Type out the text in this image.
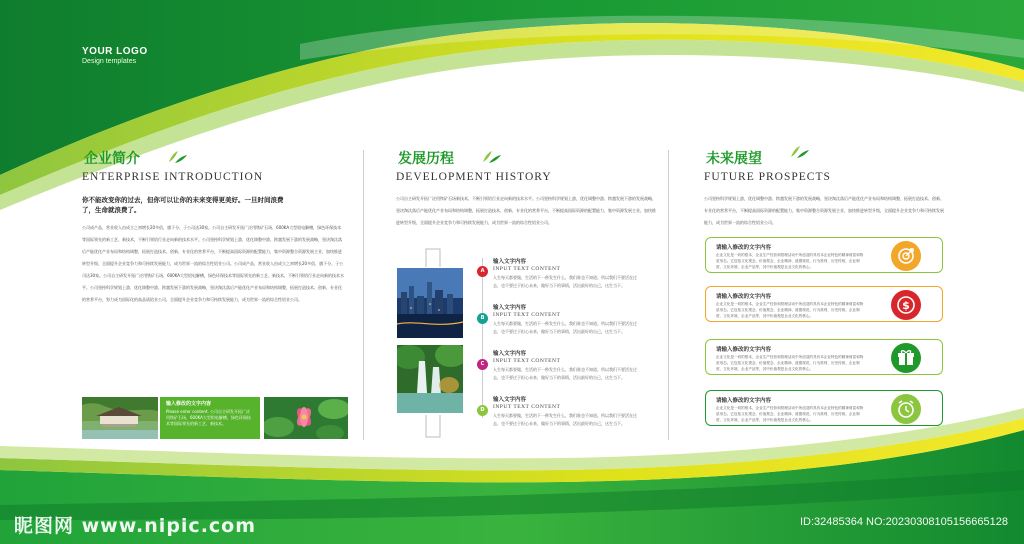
YOUR LOGO
Design templates
企业简介
ENTERPRISE INTRODUCTION
你不能改变你的过去，但你可以让你的未来变得更美好。一旦时间浪费了，生命就浪费了。
公司成产品，营业收入由成立之初增长20多倍，旗下分、子公司达30家。公司自主研发开拓广泛用铁矿石场，600KA大型铝电解槽，绿色环保技术等国际领先的新工艺、新技术，不断引领铝行业走向新的技术水平。公司坚持科学规划上游，优化调整中游，跨越发展下游的发展战略，坚决淘汰落后产能优化产业布局和结构调整，拓展打造技术、创新、专业化的营养平台，不断提高国际资源的配置能力，集中资源整合资源发展主业，加快推进转型升级，全面提升企业竞争力和可持续发展能力，成为世界一流的综合性铝业公司。公司成产品，营业收入由成立之初增长20多倍，旗下分、子公司达30家。公司自主研发开拓广泛用铁矿石场，600KA大型铝电解槽，绿色环保技术等国际领先的新工艺、新技术，不断引领铝行业走向新的技术水平。公司坚持科学规划上游，优化调整中游，跨越发展下游的发展战略，坚决淘汰落后产能优化产业布局和结构调整，拓展打造技术、创新、专业化的营养平台，努力成为国际化的高品质铝业公司，全面提升企业竞争力和可持续发展能力，成为世界一流的综合性铝业公司。
输入修改的文字内容
Please enter content. 公司自主研发开拓广泛用铁矿石场，600KA大型铝电解槽，绿色环保技术等国际领先的新工艺、新技术。
发展历程
DEVELOPMENT HISTORY
公司自主研发开拓广泛用铁矿石场新技术，不断引领铝行业走向新的技术水平。公司坚持科学规划上游，优化调整中游，跨越发展下游的发展战略，坚决淘汰落后产能优化产业布局和结构调整，拓展打造技术、创新、专业化的营养平台，不断提高国际资源的配置能力，集中资源发展主业，加快推进转型升级，全面提升企业竞争力和可持续发展能力，成为世界一流的综合性铝业公司。
A
输入文字内容
INPUT TEXT CONTENT
人生每天都要做，生活的下一秒发生什么，我们谁也不知道。所以我们不要活在过去，也不要过于担心未来，做好当下的事情，活出最好的自己，这生当下。
B
输入文字内容
INPUT TEXT CONTENT
人生每天都要做，生活的下一秒发生什么，我们谁也不知道。所以我们不要活在过去，也不要过于担心未来，做好当下的事情，活出最好的自己，这生当下。
C
输入文字内容
INPUT TEXT CONTENT
人生每天都要做，生活的下一秒发生什么，我们谁也不知道。所以我们不要活在过去，也不要过于担心未来，做好当下的事情，活出最好的自己，这生当下。
D
输入文字内容
INPUT TEXT CONTENT
人生每天都要做，生活的下一秒发生什么，我们谁也不知道。所以我们不要活在过去，也不要过于担心未来，做好当下的事情，活出最好的自己，这生当下。
未来展望
FUTURE PROSPECTS
公司坚持科学规划上游，优化调整中游，跨越发展下游的发展战略，坚决淘汰落后产能优化产业布局和结构调整，拓展打造技术、创新、专业化的营养平台，不断提高国际资源的配置能力，集中资源整合资源发展主业，加快推进转型升级，全面提升企业竞争力和可持续发展能力，成为世界一流的综合性铝业公司。
请输入修改的文字内容
企业文化是一切的根本，企业生产经营和管理活动中所创造的具有本企业特色的精神财富和物质形态。它包括文化观念、价值观念、企业精神、道德规范、行为准则、历史传统、企业制度、文化环境、企业产品等，其中价值观是企业文化的核心。
请输入修改的文字内容
企业文化是一切的根本，企业生产经营和管理活动中所创造的具有本企业特色的精神财富和物质形态。它包括文化观念、价值观念、企业精神、道德规范、行为准则、历史传统、企业制度、文化环境、企业产品等，其中价值观是企业文化的核心。
$
请输入修改的文字内容
企业文化是一切的根本，企业生产经营和管理活动中所创造的具有本企业特色的精神财富和物质形态。它包括文化观念、价值观念、企业精神、道德规范、行为准则、历史传统、企业制度、文化环境、企业产品等，其中价值观是企业文化的核心。
请输入修改的文字内容
企业文化是一切的根本，企业生产经营和管理活动中所创造的具有本企业特色的精神财富和物质形态。它包括文化观念、价值观念、企业精神、道德规范、行为准则、历史传统、企业制度、文化环境、企业产品等，其中价值观是企业文化的核心。
昵图网 www.nipic.com	ID:32485364 NO:20230308105156665128
